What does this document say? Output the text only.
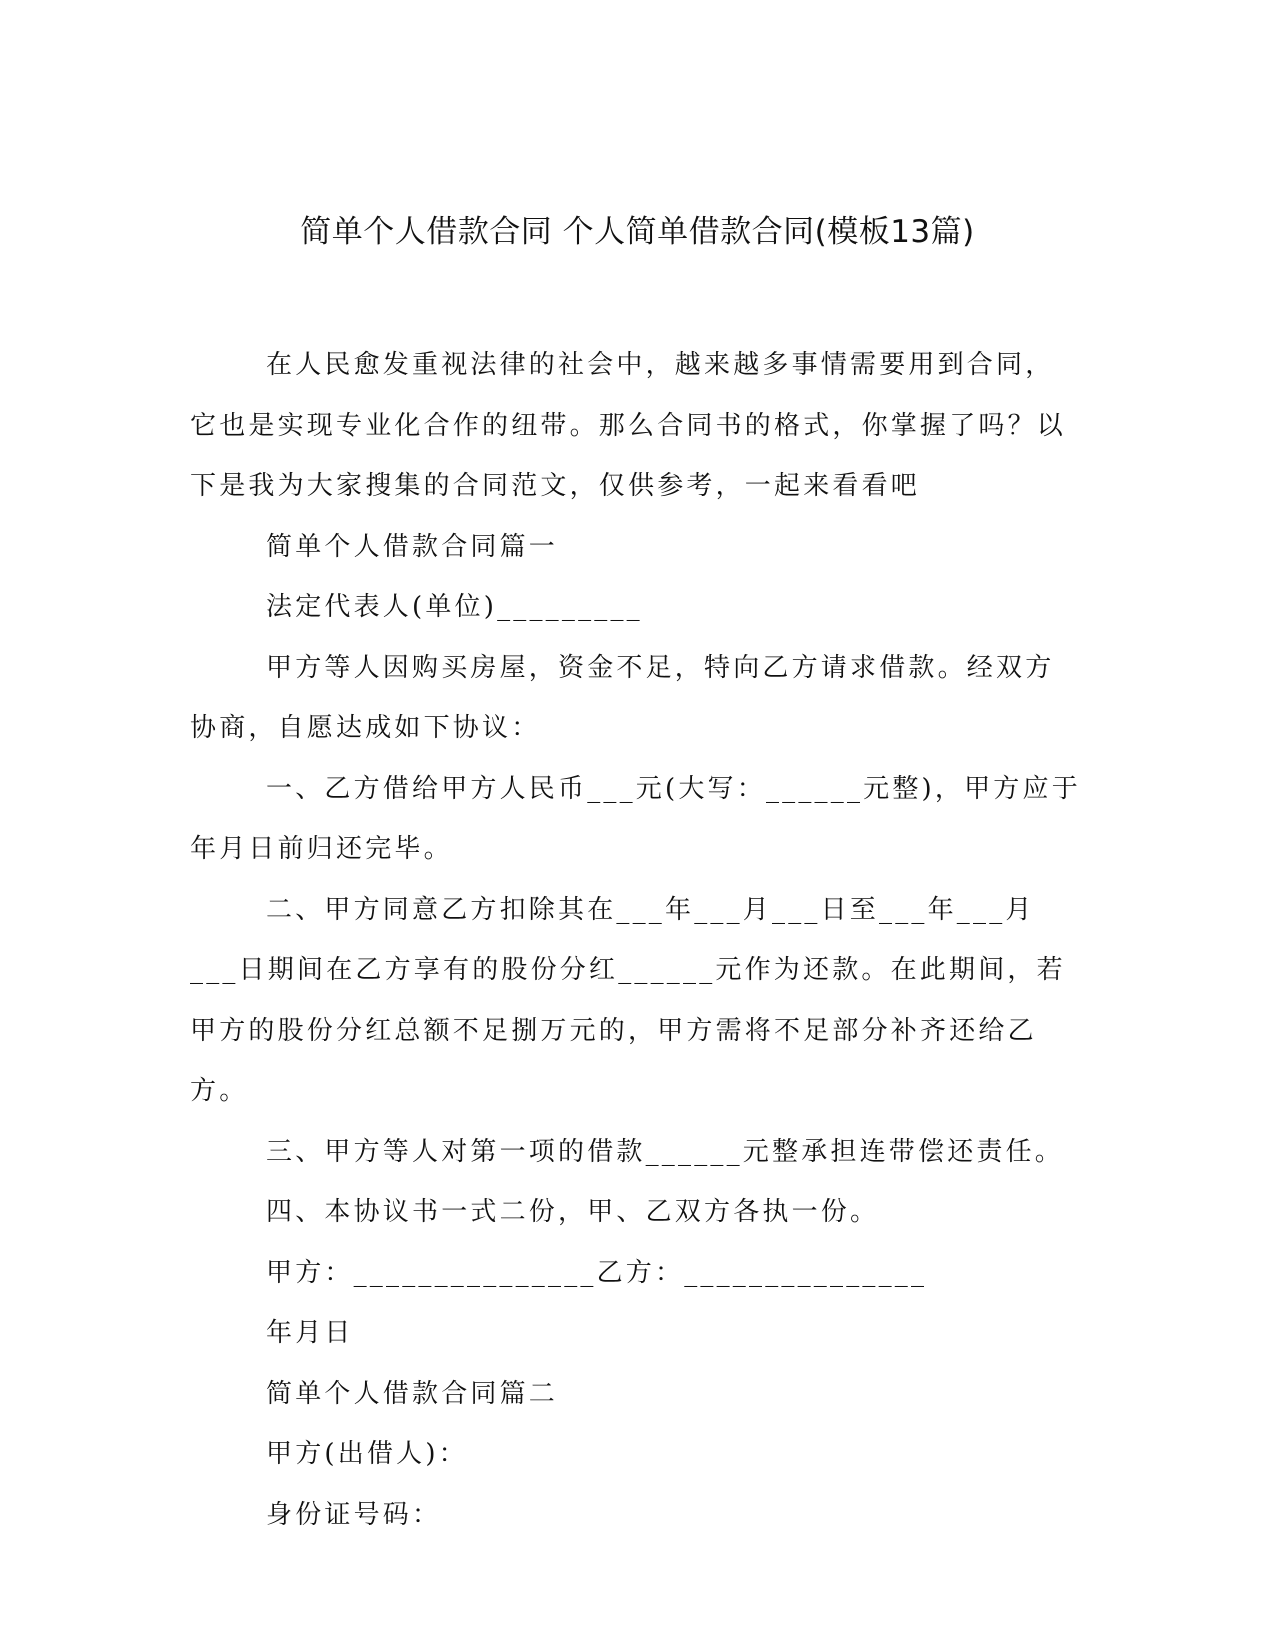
简单个人借款合同 个人简单借款合同(模板13篇)

在人民愈发重视法律的社会中，越来越多事情需要用到合同，它也是实现专业化合作的纽带。那么合同书的格式，你掌握了吗？以下是我为大家搜集的合同范文，仅供参考，一起来看看吧

简单个人借款合同篇一

法定代表人(单位)_________

甲方等人因购买房屋，资金不足，特向乙方请求借款。经双方协商，自愿达成如下协议：

一、乙方借给甲方人民币___元(大写：______元整)，甲方应于年月日前归还完毕。

二、甲方同意乙方扣除其在___年___月___日至___年___月___日期间在乙方享有的股份分红______元作为还款。在此期间，若甲方的股份分红总额不足捌万元的，甲方需将不足部分补齐还给乙方。

三、甲方等人对第一项的借款______元整承担连带偿还责任。

四、本协议书一式二份，甲、乙双方各执一份。

甲方：_______________乙方：_______________

年月日

简单个人借款合同篇二

甲方(出借人)：

身份证号码：
